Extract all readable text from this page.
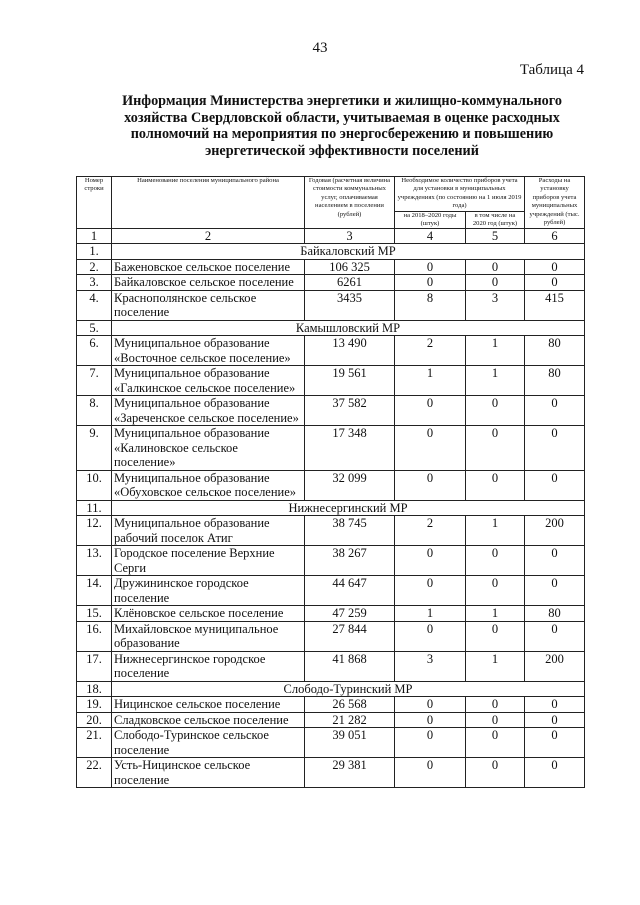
43
Таблица 4
Информация Министерства энергетики и жилищно-коммунального хозяйства Свердловской области, учитываемая в оценке расходных полномочий на мероприятия по энергосбережению и повышению энергетической эффективности поселений
Номер строки	Наименование поселения муниципального района	Годовая (расчетная величина стоимости коммунальных услуг, оплачиваемая населением в поселении (рублей)	Необходимое количество приборов учета для установки в муниципальных учреждениях (по состоянию на 1 июля 2019 года)		Расходы на установку приборов учета муниципальных учреждений (тыс. рублей)
			на 2018–2020 годы (штук)	в том числе на 2020 год (штук)	
1	2	3	4	5	6
1.	Байкаловский МР				
2.	Баженовское сельское поселение	106 325	0	0	0
3.	Байкаловское сельское поселение	6261	0	0	0
4.	Краснополянское сельское поселение	3435	8	3	415
5.	Камышловский МР				
6.	Муниципальное образование «Восточное сельское поселение»	13 490	2	1	80
7.	Муниципальное образование «Галкинское сельское поселение»	19 561	1	1	80
8.	Муниципальное образование «Зареченское сельское поселение»	37 582	0	0	0
9.	Муниципальное образование «Калиновское сельское поселение»	17 348	0	0	0
10.	Муниципальное образование «Обуховское сельское поселение»	32 099	0	0	0
11.	Нижнесергинский МР				
12.	Муниципальное образование рабочий поселок Атиг	38 745	2	1	200
13.	Городское поселение Верхние Серги	38 267	0	0	0
14.	Дружининское городское поселение	44 647	0	0	0
15.	Клёновское сельское поселение	47 259	1	1	80
16.	Михайловское муниципальное образование	27 844	0	0	0
17.	Нижнесергинское городское поселение	41 868	3	1	200
18.	Слободо-Туринский МР				
19.	Ницинское сельское поселение	26 568	0	0	0
20.	Сладковское сельское поселение	21 282	0	0	0
21.	Слободо-Туринское сельское поселение	39 051	0	0	0
22.	Усть-Ницинское сельское поселение	29 381	0	0	0
